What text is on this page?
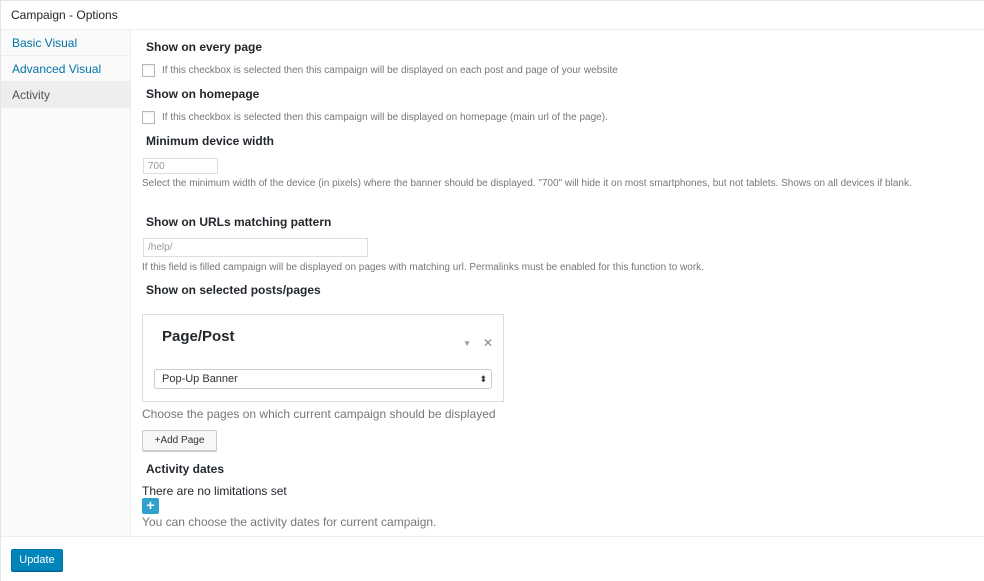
Campaign - Options
Basic Visual
Advanced Visual
Activity
Show on every page
If this checkbox is selected then this campaign will be displayed on each post and page of your website
Show on homepage
If this checkbox is selected then this campaign will be displayed on homepage (main url of the page).
Minimum device width
700
Select the minimum width of the device (in pixels) where the banner should be displayed. "700" will hide it on most smartphones, but not tablets. Shows on all devices if blank.
Show on URLs matching pattern
/help/
If this field is filled campaign will be displayed on pages with matching url. Permalinks must be enabled for this function to work.
Show on selected posts/pages
Page/Post	▼ ✕
Pop-Up Banner	⬍
Choose the pages on which current campaign should be displayed
+Add Page
Activity dates
There are no limitations set
+
You can choose the activity dates for current campaign.
Update
